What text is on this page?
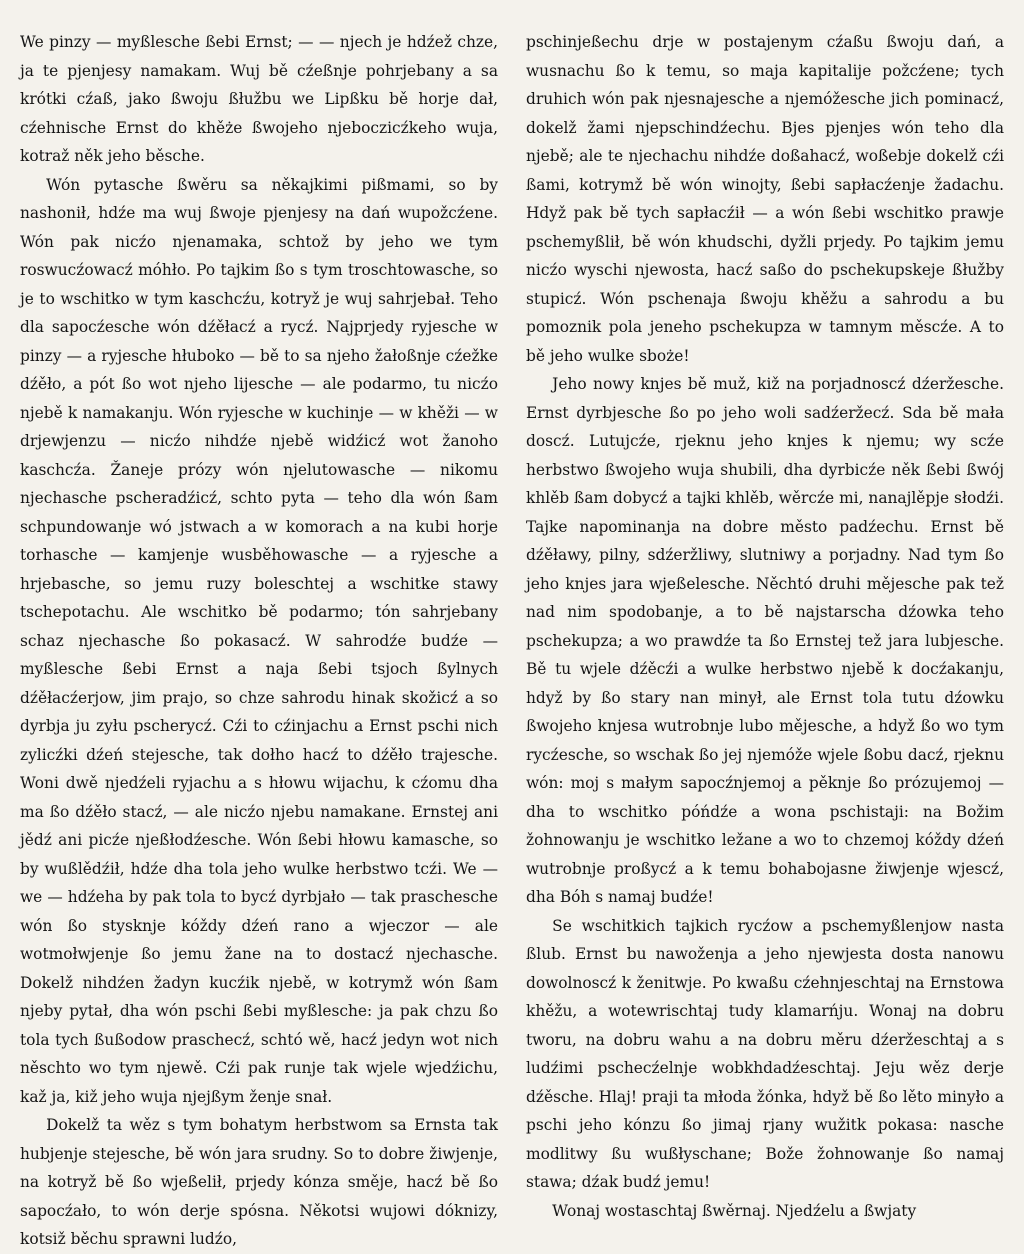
We pinzy — myßlesche ßebi Ernst; — — njech je hdźež chze, ja te pjenjesy namakam. Wuj bě cźeßnje pohrjebany a sa krótki cźaß, jako ßwoju ßłužbu we Lipßku bě horje dał, cźehnische Ernst do khěże ßwojeho njeboczicźkeho wuja, kotraž něk jeho běsche.

Wón pytasche ßwěru sa někajkimi pißmami, so by nashonił, hdźe ma wuj ßwoje pjenjesy na dań wupožcźene. Wón pak nicźo njenamaka, schtož by jeho we tym roswucźowacź móhło. Po tajkim ßo s tym troschtowasche, so je to wschitko w tym kaschcźu, kotryž je wuj sahrjebał. Teho dla sapocźesche wón dźěłacź a rycź. Najprjedy ryjesche w pinzy — a ryjesche hłuboko — bě to sa njeho žałoßnje cźežke dźěło, a pót ßo wot njeho lijesche — ale podarmo, tu nicźo njebě k namakanju. Wón ryjesche w kuchinje — w khěži — w drjewjenzu — nicźo nihdźe njebě widźicź wot žanoho kaschcźa. Žaneje prózy wón njelutowasche — nikomu njechasche pscheradźicź, schto pyta — teho dla wón ßam schpundowanje wó jstwach a w komorach a na kubi horje torhasche — kamjenje wusběhowasche — a ryjesche a hrjebasche, so jemu ruzy boleschtej a wschitke stawy tschepotachu. Ale wschitko bě podarmo; tón sahrjebany schaz njechasche ßo pokasacź. W sahrodźe budźe — myßlesche ßebi Ernst a naja ßebi tsjoch ßylnych dźěłacźerjow, jim prajo, so chze sahrodu hinak skožicź a so dyrbja ju zyłu pscherycź. Cźi to cźinjachu a Ernst pschi nich zylicźki dźeń stejesche, tak dołho hacź to dźěło trajesche. Woni dwě njedźeli ryjachu a s hłowu wijachu, k cźomu dha ma ßo dźěło stacź, — ale nicźo njebu namakane. Ernstej ani jědź ani picźe njeßłodźesche. Wón ßebi hłowu kamasche, so by wußlědźił, hdźe dha tola jeho wulke herbstwo tcźi. We — we — hdźeha by pak tola to bycź dyrbjało — tak praschesche wón ßo stysknje kóždy dźeń rano a wjeczor — ale wotmołwjenje ßo jemu žane na to dostacź njechasche. Dokelž nihdźen žadyn kucźik njebě, w kotrymž wón ßam njeby pytał, dha wón pschi ßebi myßlesche: ja pak chzu ßo tola tych ßußodow praschecź, schtó wě, hacź jedyn wot nich něschto wo tym njewě. Cźi pak runje tak wjele wjedźichu, kaž ja, kiž jeho wuja njejßym ženje snał.

Dokelž ta wěz s tym bohatym herbstwom sa Ernsta tak hubjenje stejesche, bě wón jara srudny. So to dobre žiwjenje, na kotryž bě ßo wjeßelił, prjedy kónza směje, hacź bě ßo sapocźało, to wón derje spósna. Někotsi wujowi dóknizy, kotsiž běchu sprawni ludźo,

pschinjeßechu drje w postajenym cźaßu ßwoju dań, a wusnachu ßo k temu, so maja kapitalije požcźene; tych druhich wón pak njesnajesche a njemóžesche jich pominacź, dokelž žami njepschindźechu. Bjes pjenjes wón teho dla njebě; ale te njechachu nihdźe doßahacź, woßebje dokelž cźi ßami, kotrymž bě wón winojty, ßebi sapłacźenje žadachu. Hdyž pak bě tych sapłacźił — a wón ßebi wschitko prawje pschemyßlił, bě wón khudschi, dyžli prjedy. Po tajkim jemu nicźo wyschi njewosta, hacź saßo do pschekupskeje ßłužby stupicź. Wón pschenaja ßwoju khěžu a sahrodu a bu pomoznik pola jeneho pschekupza w tamnym měscźe. A to bě jeho wulke sboże!

Jeho nowy knjes bě muž, kiž na porjadnoscź dźeržesche. Ernst dyrbjesche ßo po jeho woli sadźeržecź. Sda bě mała doscź. Lutujcźe, rjeknu jeho knjes k njemu; wy scźe herbstwo ßwojeho wuja shubili, dha dyrbicźe něk ßebi ßwój khlěb ßam dobycź a tajki khlěb, wěrcźe mi, nanajlěpje słodźi. Tajke napominanja na dobre město padźechu. Ernst bě dźěławy, pilny, sdźeržliwy, slutniwy a porjadny. Nad tym ßo jeho knjes jara wjeßelesche. Něchtó druhi mějesche pak tež nad nim spodobanje, a to bě najstarscha dźowka teho pschekupza; a wo prawdźe ta ßo Ernstej tež jara lubjesche. Bě tu wjele dźěcźi a wulke herbstwo njebě k docźakanju, hdyž by ßo stary nan minył, ale Ernst tola tutu dźowku ßwojeho knjesa wutrobnje lubo mějesche, a hdyž ßo wo tym rycźesche, so wschak ßo jej njemóže wjele ßobu dacź, rjeknu wón: moj s małym sapocźnjemoj a pěknje ßo prózujemoj — dha to wschitko póńdźe a wona pschistaji: na Božim žohnowanju je wschitko ležane a wo to chzemoj kóždy dźeń wutrobnje proßycź a k temu bohabojasne žiwjenje wjescź, dha Bóh s namaj budźe!

Se wschitkich tajkich rycźow a pschemyßlenjow nasta ßlub. Ernst bu nawoženja a jeho njewjesta dosta nanowu dowolnoscź k ženitwje. Po kwaßu cźehnjeschtaj na Ernstowa khěžu, a wotewrischtaj tudy klamarńju. Wonaj na dobru tworu, na dobru wahu a na dobru měru dźeržeschtaj a s ludźimi pschecźelnje wobkhdadźeschtaj. Jeju wěz derje dźěsche. Hlaj! praji ta młoda žónka, hdyž bě ßo lěto minyło a pschi jeho kónzu ßo jimaj rjany wužitk pokasa: nasche modlitwy ßu wußłyschane; Bože žohnowanje ßo namaj stawa; dźak budź jemu!

Wonaj wostaschtaj ßwěrnaj. Njedźelu a ßwjaty
